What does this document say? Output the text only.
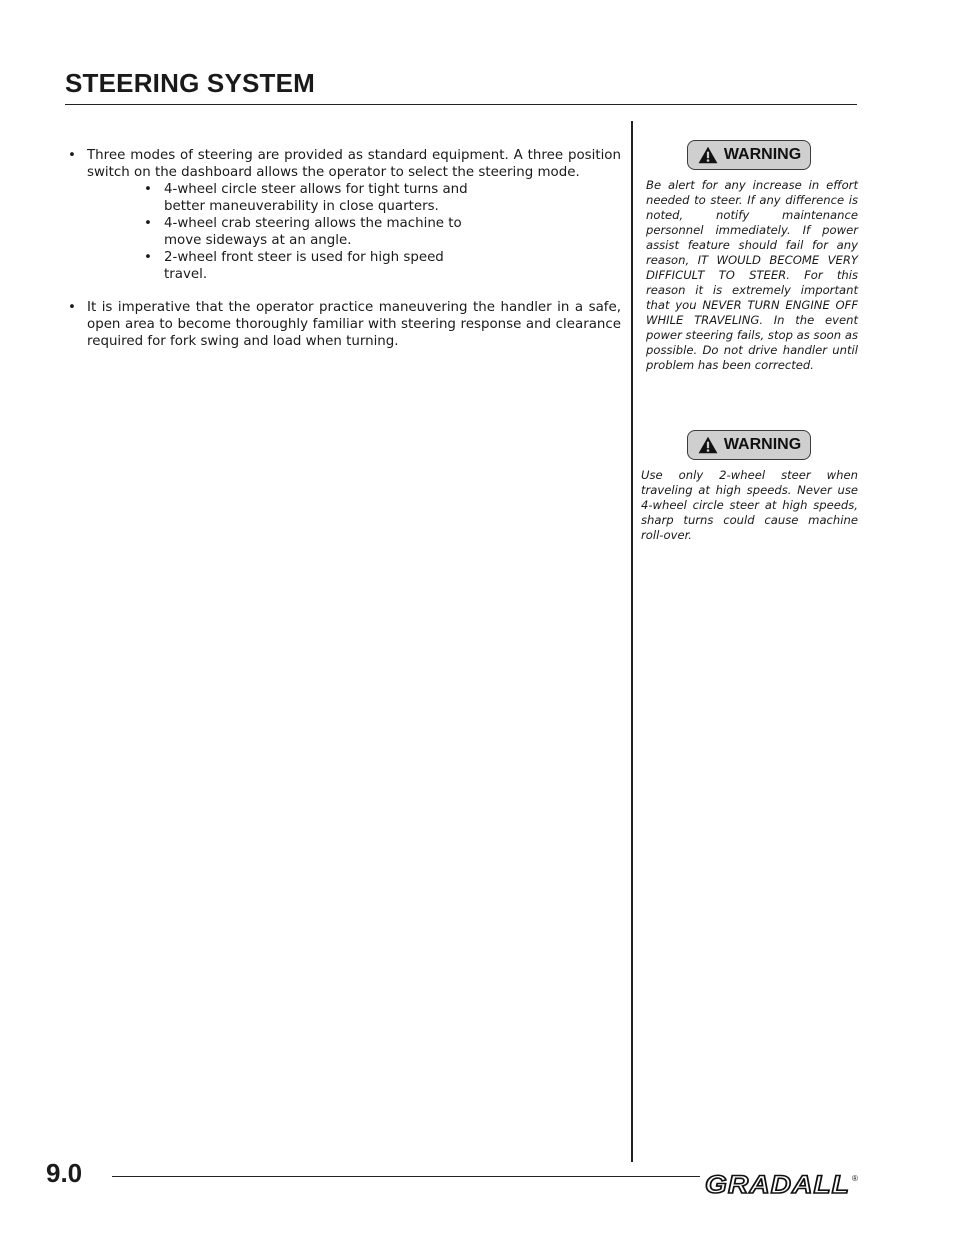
STEERING SYSTEM
• Three modes of steering are provided as standard equipment. A three position switch on the dashboard allows the operator to select the steering mode.
• 4-wheel circle steer allows for tight turns and better maneuverability in close quarters.
• 4-wheel crab steering allows the machine to move sideways at an angle.
• 2-wheel front steer is used for high speed travel.
• It is imperative that the operator practice maneuvering the handler in a safe, open area to become thoroughly familiar with steering response and clearance required for fork swing and load when turning.
WARNING

Be alert for any increase in effort needed to steer. If any difference is noted, notify maintenance personnel immediately. If power assist feature should fail for any reason, IT WOULD BECOME VERY DIFFICULT TO STEER. For this reason it is extremely important that you NEVER TURN ENGINE OFF WHILE TRAVELING. In the event power steering fails, stop as soon as possible. Do not drive handler until problem has been corrected.

WARNING

Use only 2-wheel steer when traveling at high speeds. Never use 4-wheel circle steer at high speeds, sharp turns could cause machine roll-over.

9.0	GRADALL ®
